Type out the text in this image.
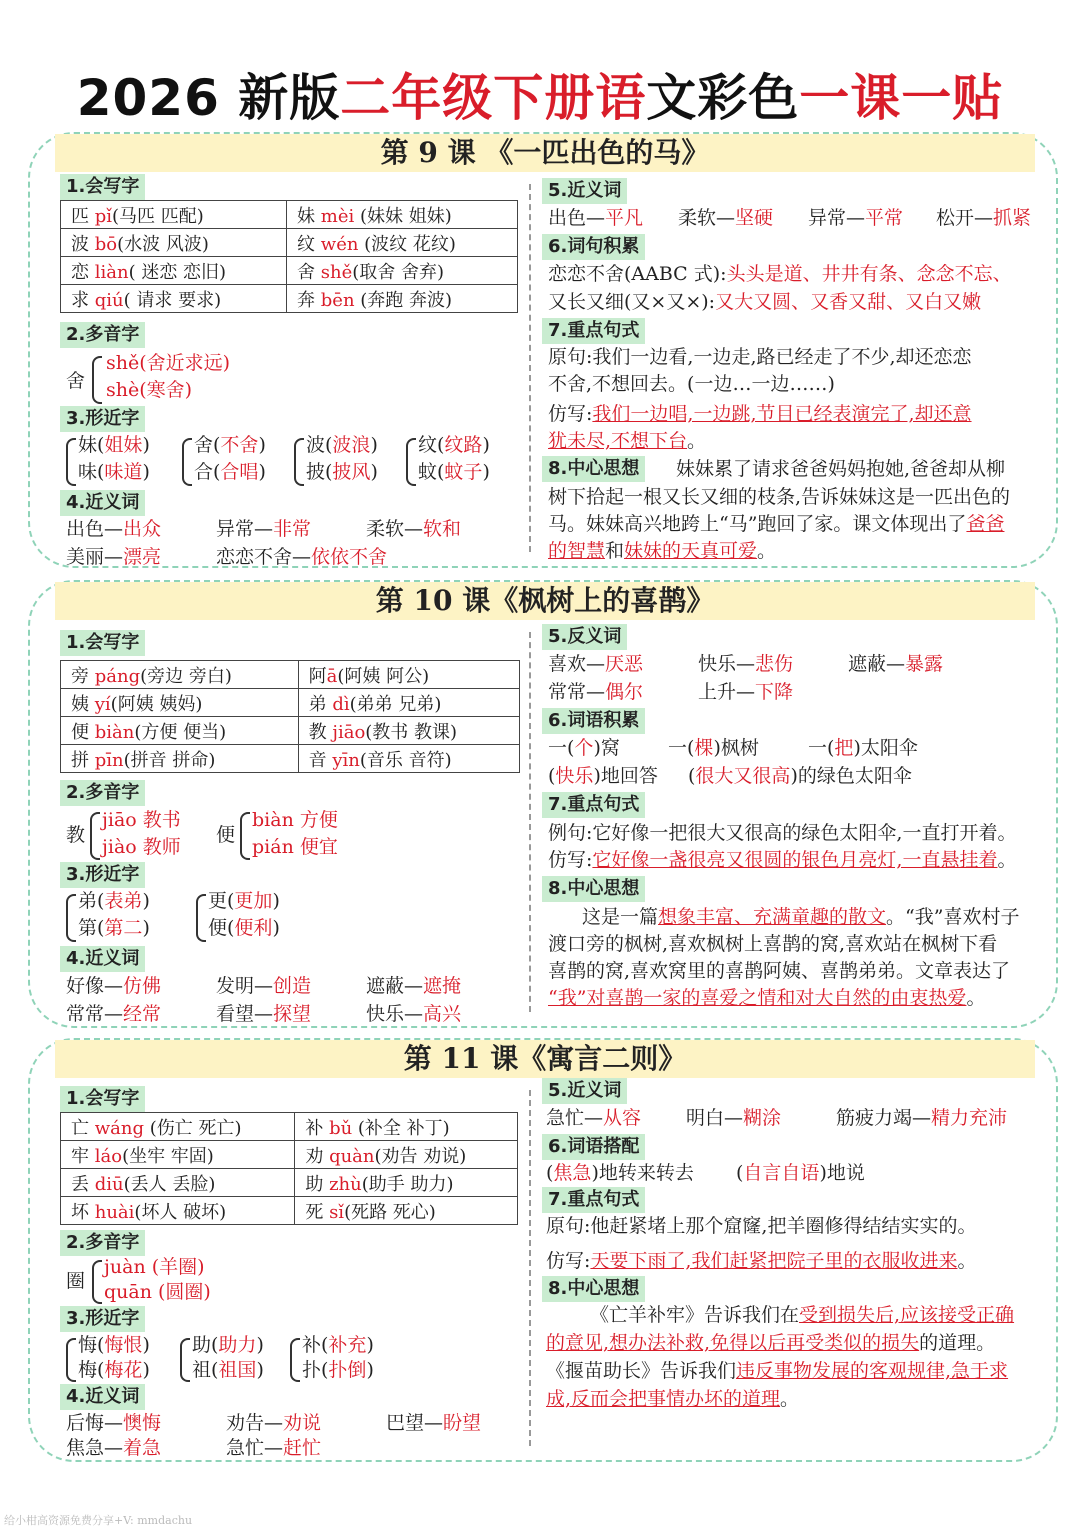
2026 新版二年级下册语文彩色一课一贴
第 9 课 《一匹出色的马》
1.会写字
匹 pǐ(马匹 匹配)	妹 mèi (妹妹 姐妹)
波 bō(水波 风波)	纹 wén (波纹 花纹)
恋 liàn( 迷恋 恋旧)	舍 shě(取舍 舍弃)
求 qiú( 请求 要求)	奔 bēn (奔跑 奔波)
2.多音字
舍
shě(舍近求远)
shè(寒舍)
3.形近字
妹(姐妹)
味(味道)
舍(不舍)
合(合唱)
波(波浪)
披(披风)
纹(纹路)
蚊(蚊子)
4.近义词
出色—出众	异常—非常	柔软—软和
美丽—漂亮	恋恋不舍—依依不舍
5.近义词
出色—平凡 柔软—坚硬 异常—平常 松开—抓紧
6.词句积累
恋恋不舍(AABC 式):头头是道、井井有条、念念不忘、
又长又细(又×又×):又大又圆、又香又甜、又白又嫩
7.重点句式
原句:我们一边看,一边走,路已经走了不少,却还恋恋
不舍,不想回去。(一边…一边……)
仿写:我们一边唱,一边跳,节目已经表演完了,却还意
犹未尽,不想下台。
8.中心思想	妹妹累了请求爸爸妈妈抱她,爸爸却从柳
树下拾起一根又长又细的枝条,告诉妹妹这是一匹出色的
马。妹妹高兴地跨上“马”跑回了家。课文体现出了爸爸
的智慧和妹妹的天真可爱。
第 10 课《枫树上的喜鹊》
1.会写字
旁 páng(旁边 旁白)	阿ā(阿姨 阿公)
姨 yí(阿姨 姨妈)	弟 dì(弟弟 兄弟)
便 biàn(方便 便当)	教 jiāo(教书 教课)
拼 pīn(拼音 拼命)	音 yīn(音乐 音符)
2.多音字
教
jiāo 教书
jiào 教师
便
biàn 方便
pián 便宜
3.形近字
弟(表弟)
第(第二)
更(更加)
便(便利)
4.近义词
好像—仿佛	发明—创造	遮蔽—遮掩
常常—经常	看望—探望	快乐—高兴
5.反义词
喜欢—厌恶	快乐—悲伤	遮蔽—暴露
常常—偶尔	上升—下降
6.词语积累
一(个)窝	一(棵)枫树	一(把)太阳伞
(快乐)地回答 (很大又很高)的绿色太阳伞
7.重点句式
例句:它好像一把很大又很高的绿色太阳伞,一直打开着。
仿写:它好像一盏很亮又很圆的银色月亮灯,一直悬挂着。
8.中心思想
这是一篇想象丰富、充满童趣的散文。“我”喜欢村子
渡口旁的枫树,喜欢枫树上喜鹊的窝,喜欢站在枫树下看
喜鹊的窝,喜欢窝里的喜鹊阿姨、喜鹊弟弟。文章表达了
“我”对喜鹊一家的喜爱之情和对大自然的由衷热爱。
第 11 课《寓言二则》
1.会写字
亡 wáng (伤亡 死亡)	补 bǔ (补全 补丁)
牢 láo(坐牢 牢固)	劝 quàn(劝告 劝说)
丢 diū(丢人 丢脸)	助 zhù(助手 助力)
坏 huài(坏人 破坏)	死 sǐ(死路 死心)
2.多音字
圈
juàn (羊圈)
quān (圆圈)
3.形近字
悔(悔恨)
梅(梅花)
助(助力)
祖(祖国)
补(补充)
扑(扑倒)
4.近义词
后悔—懊悔	劝告—劝说	巴望—盼望
焦急—着急	急忙—赶忙
5.近义词
急忙—从容 明白—糊涂	筋疲力竭—精力充沛
6.词语搭配
(焦急)地转来转去 (自言自语)地说
7.重点句式
原句:他赶紧堵上那个窟窿,把羊圈修得结结实实的。
仿写:天要下雨了,我们赶紧把院子里的衣服收进来。
8.中心思想
《亡羊补牢》告诉我们在受到损失后,应该接受正确
的意见,想办法补救,免得以后再受类似的损失的道理。
《揠苗助长》告诉我们违反事物发展的客观规律,急于求
成,反而会把事情办坏的道理。
给小柑高资源免费分享+V: mmdachu
